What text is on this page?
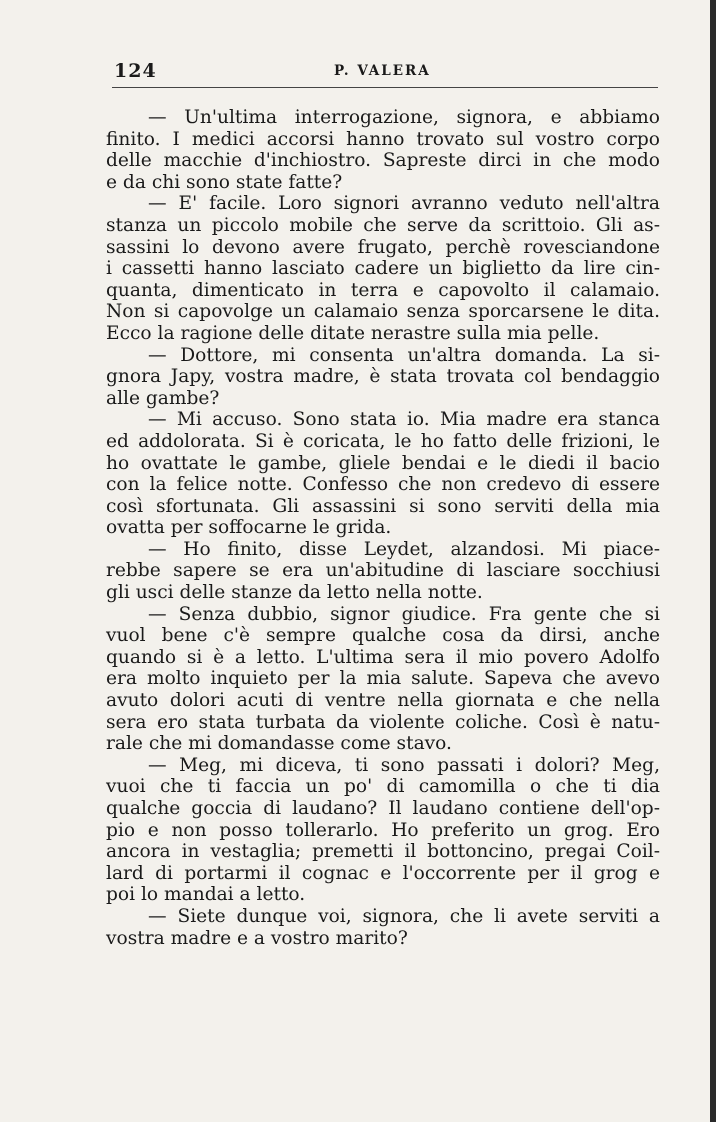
124	P. VALERA
— Un'ultima interrogazione, signora, e abbiamo
finito. I medici accorsi hanno trovato sul vostro corpo
delle macchie d'inchiostro. Sapreste dirci in che modo
e da chi sono state fatte?
— E' facile. Loro signori avranno veduto nell'altra
stanza un piccolo mobile che serve da scrittoio. Gli as-
sassini lo devono avere frugato, perchè rovesciandone
i cassetti hanno lasciato cadere un biglietto da lire cin-
quanta, dimenticato in terra e capovolto il calamaio.
Non si capovolge un calamaio senza sporcarsene le dita.
Ecco la ragione delle ditate nerastre sulla mia pelle.
— Dottore, mi consenta un'altra domanda. La si-
gnora Japy, vostra madre, è stata trovata col bendaggio
alle gambe?
— Mi accuso. Sono stata io. Mia madre era stanca
ed addolorata. Si è coricata, le ho fatto delle frizioni, le
ho ovattate le gambe, gliele bendai e le diedi il bacio
con la felice notte. Confesso che non credevo di essere
così sfortunata. Gli assassini si sono serviti della mia
ovatta per soffocarne le grida.
— Ho finito, disse Leydet, alzandosi. Mi piace-
rebbe sapere se era un'abitudine di lasciare socchiusi
gli usci delle stanze da letto nella notte.
— Senza dubbio, signor giudice. Fra gente che si
vuol bene c'è sempre qualche cosa da dirsi, anche
quando si è a letto. L'ultima sera il mio povero Adolfo
era molto inquieto per la mia salute. Sapeva che avevo
avuto dolori acuti di ventre nella giornata e che nella
sera ero stata turbata da violente coliche. Così è natu-
rale che mi domandasse come stavo.
— Meg, mi diceva, ti sono passati i dolori? Meg,
vuoi che ti faccia un po' di camomilla o che ti dia
qualche goccia di laudano? Il laudano contiene dell'op-
pio e non posso tollerarlo. Ho preferito un grog. Ero
ancora in vestaglia; premetti il bottoncino, pregai Coil-
lard di portarmi il cognac e l'occorrente per il grog e
poi lo mandai a letto.
— Siete dunque voi, signora, che li avete serviti a
vostra madre e a vostro marito?
